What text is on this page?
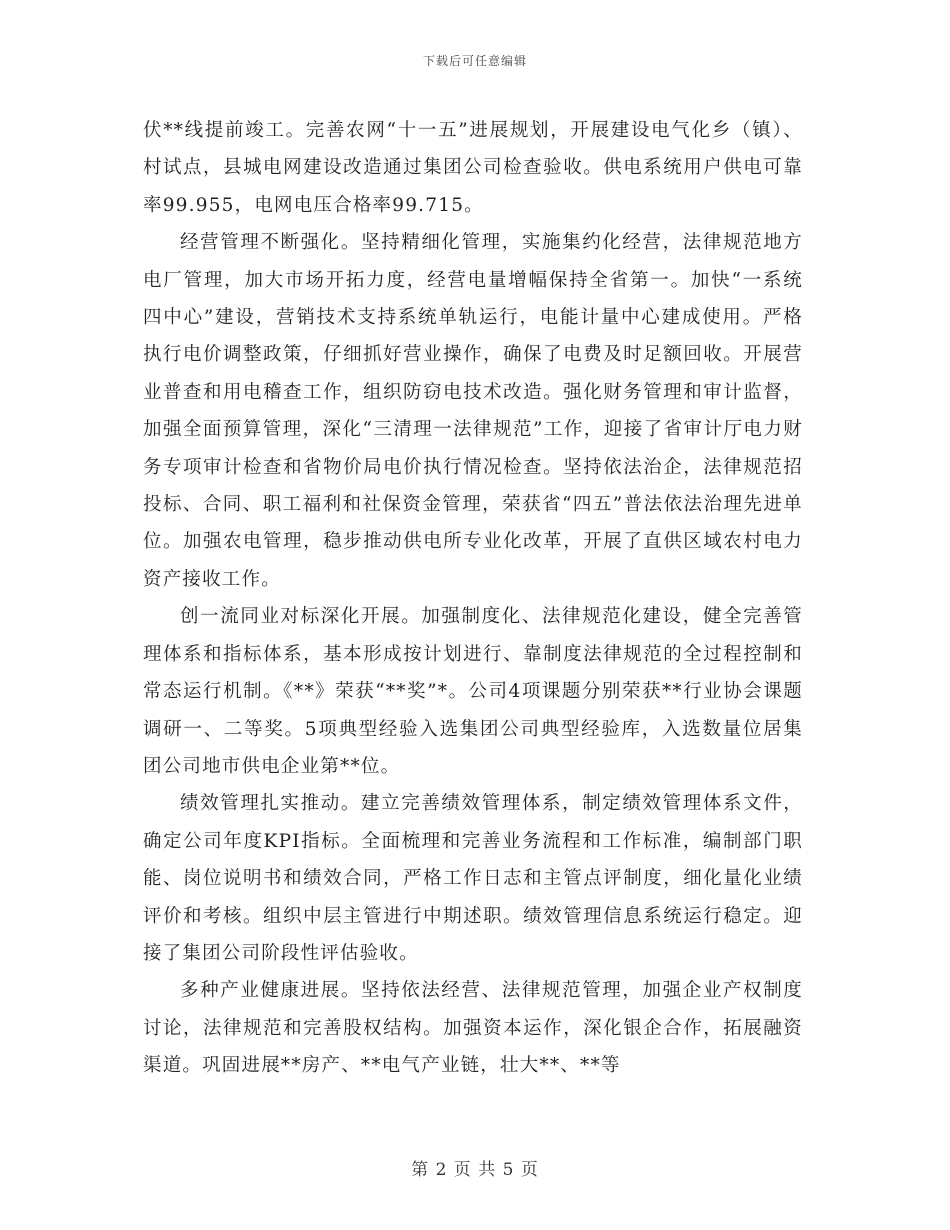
下载后可任意编辑

伏**线提前竣工。完善农网“十一五”进展规划，开展建设电气化乡（镇）、村试点，县城电网建设改造通过集团公司检查验收。供电系统用户供电可靠率99.955，电网电压合格率99.715。

经营管理不断强化。坚持精细化管理，实施集约化经营，法律规范地方电厂管理，加大市场开拓力度，经营电量增幅保持全省第一。加快“一系统四中心”建设，营销技术支持系统单轨运行，电能计量中心建成使用。严格执行电价调整政策，仔细抓好营业操作，确保了电费及时足额回收。开展营业普查和用电稽查工作，组织防窃电技术改造。强化财务管理和审计监督，加强全面预算管理，深化“三清理一法律规范”工作，迎接了省审计厅电力财务专项审计检查和省物价局电价执行情况检查。坚持依法治企，法律规范招投标、合同、职工福利和社保资金管理，荣获省“四五”普法依法治理先进单位。加强农电管理，稳步推动供电所专业化改革，开展了直供区域农村电力资产接收工作。

创一流同业对标深化开展。加强制度化、法律规范化建设，健全完善管理体系和指标体系，基本形成按计划进行、靠制度法律规范的全过程控制和常态运行机制。《**》荣获“**奖”*。公司4项课题分别荣获**行业协会课题调研一、二等奖。5项典型经验入选集团公司典型经验库，入选数量位居集团公司地市供电企业第**位。

绩效管理扎实推动。建立完善绩效管理体系，制定绩效管理体系文件，确定公司年度KPI指标。全面梳理和完善业务流程和工作标准，编制部门职能、岗位说明书和绩效合同，严格工作日志和主管点评制度，细化量化业绩评价和考核。组织中层主管进行中期述职。绩效管理信息系统运行稳定。迎接了集团公司阶段性评估验收。

多种产业健康进展。坚持依法经营、法律规范管理，加强企业产权制度讨论，法律规范和完善股权结构。加强资本运作，深化银企合作，拓展融资渠道。巩固进展**房产、**电气产业链，壮大**、**等

第 2 页 共 5 页
